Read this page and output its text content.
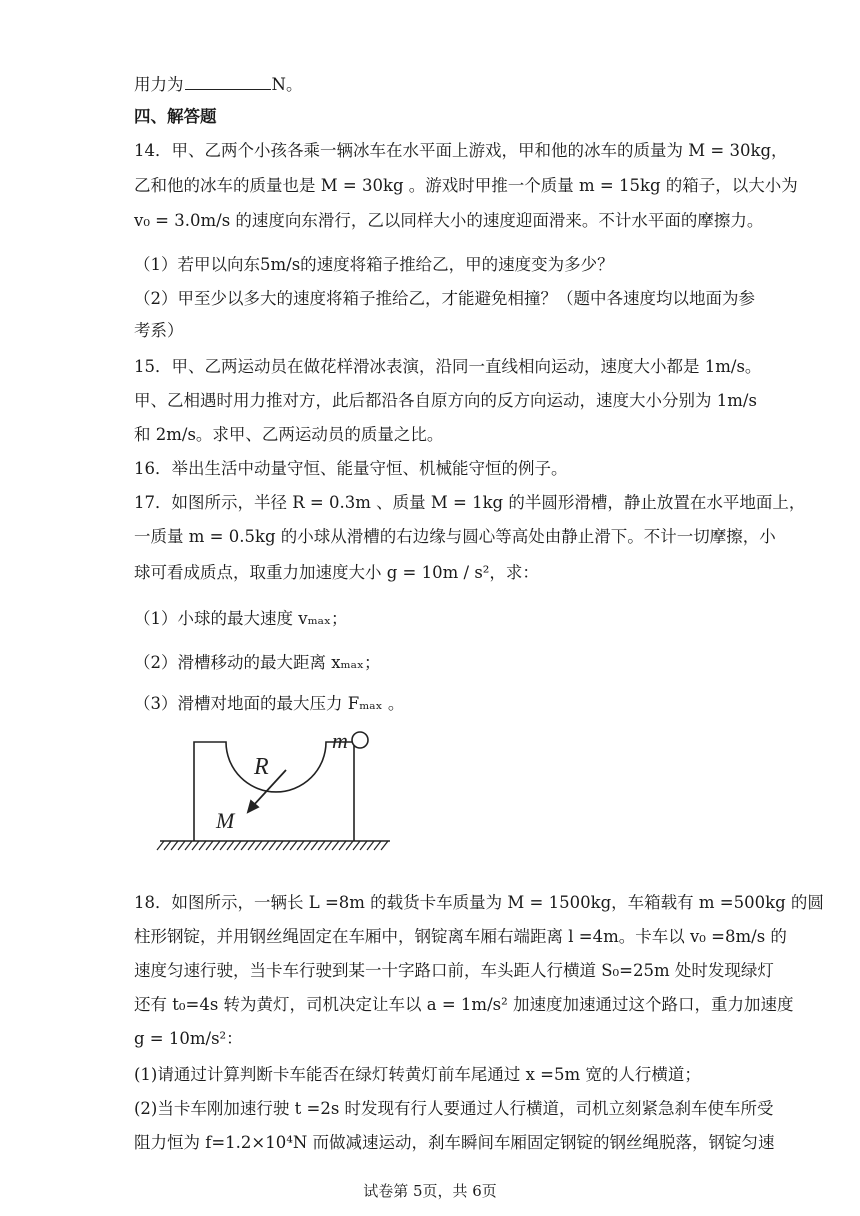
用力为	N。
四、解答题
14．甲、乙两个小孩各乘一辆冰车在水平面上游戏，甲和他的冰车的质量为 M = 30kg，
乙和他的冰车的质量也是 M = 30kg 。游戏时甲推一个质量 m = 15kg 的箱子，以大小为
v₀ = 3.0m/s 的速度向东滑行，乙以同样大小的速度迎面滑来。不计水平面的摩擦力。
（1）若甲以向东5m/s的速度将箱子推给乙，甲的速度变为多少？
（2）甲至少以多大的速度将箱子推给乙，才能避免相撞？（题中各速度均以地面为参
考系）
15．甲、乙两运动员在做花样滑冰表演，沿同一直线相向运动，速度大小都是 1m/s。
甲、乙相遇时用力推对方，此后都沿各自原方向的反方向运动，速度大小分别为 1m/s
和 2m/s。求甲、乙两运动员的质量之比。
16．举出生活中动量守恒、能量守恒、机械能守恒的例子。
17．如图所示，半径 R = 0.3m 、质量 M = 1kg 的半圆形滑槽，静止放置在水平地面上，
一质量 m = 0.5kg 的小球从滑槽的右边缘与圆心等高处由静止滑下。不计一切摩擦，小
球可看成质点，取重力加速度大小 g = 10m / s²，求：
（1）小球的最大速度 vₘₐₓ；
（2）滑槽移动的最大距离 xₘₐₓ；
（3）滑槽对地面的最大压力 Fₘₐₓ 。
R
m
M
18．如图所示，一辆长 L =8m 的载货卡车质量为 M = 1500kg，车箱载有 m =500kg 的圆
柱形钢锭，并用钢丝绳固定在车厢中，钢锭离车厢右端距离 l =4m。卡车以 v₀ =8m/s 的
速度匀速行驶，当卡车行驶到某一十字路口前，车头距人行横道 S₀=25m 处时发现绿灯
还有 t₀=4s 转为黄灯，司机决定让车以 a = 1m/s² 加速度加速通过这个路口，重力加速度
g = 10m/s²：
(1)请通过计算判断卡车能否在绿灯转黄灯前车尾通过 x =5m 宽的人行横道；
(2)当卡车刚加速行驶 t =2s 时发现有行人要通过人行横道，司机立刻紧急刹车使车所受
阻力恒为 f=1.2×10⁴N 而做减速运动，刹车瞬间车厢固定钢锭的钢丝绳脱落，钢锭匀速
试卷第 5页，共 6页
